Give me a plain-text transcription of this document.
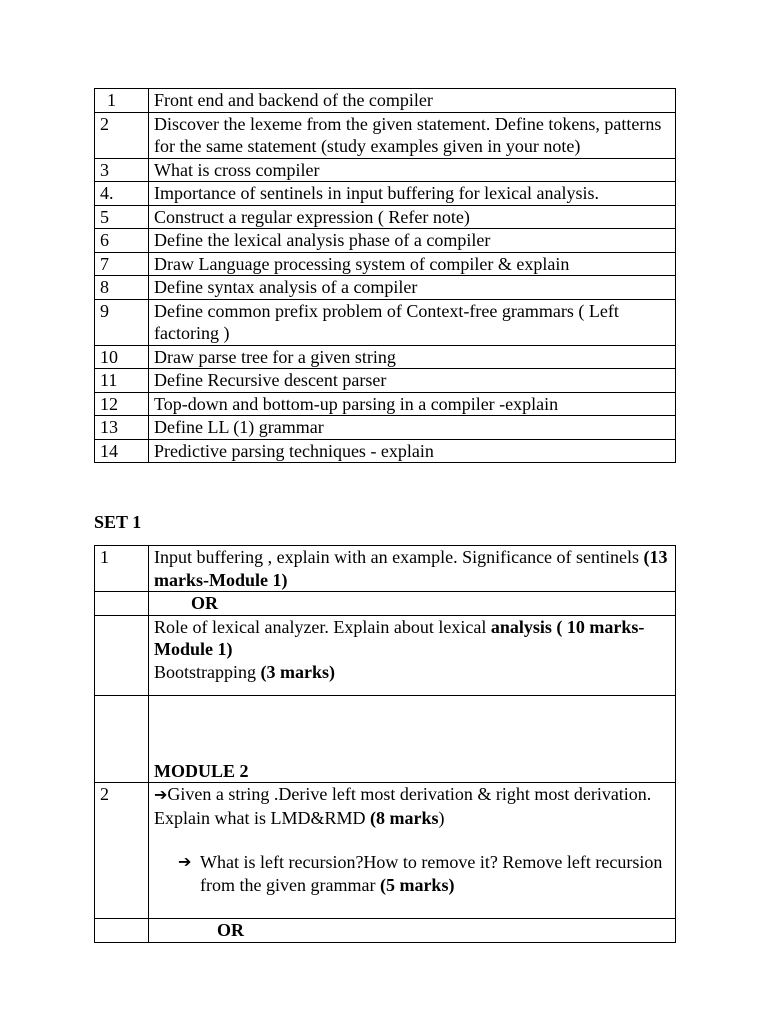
1	Front end and backend of the compiler
2	Discover the lexeme from the given statement. Define tokens, patterns for the same statement (study examples given in your note)
3	What is cross compiler
4.	Importance of sentinels in input buffering for lexical analysis.
5	Construct a regular expression ( Refer note)
6	Define the lexical analysis phase of a compiler
7	Draw Language processing system of compiler & explain
8	Define syntax analysis of a compiler
9	Define common prefix problem of Context-free grammars ( Left factoring )
10	Draw parse tree for a given string
11	Define Recursive descent parser
12	Top-down and bottom-up parsing in a compiler -explain
13	Define LL (1) grammar
14	Predictive parsing techniques - explain
SET 1
1	Input buffering , explain with an example. Significance of sentinels (13 marks-Module 1)
	OR
	Role of lexical analyzer. Explain about lexical analysis ( 10 marks-Module 1)
Bootstrapping (3 marks)

	MODULE 2
2	➔Given a string .Derive left most derivation & right most derivation. Explain what is LMD&RMD (8 marks)
➔ What is left recursion?How to remove it? Remove left recursion from the given grammar (5 marks)

	OR
